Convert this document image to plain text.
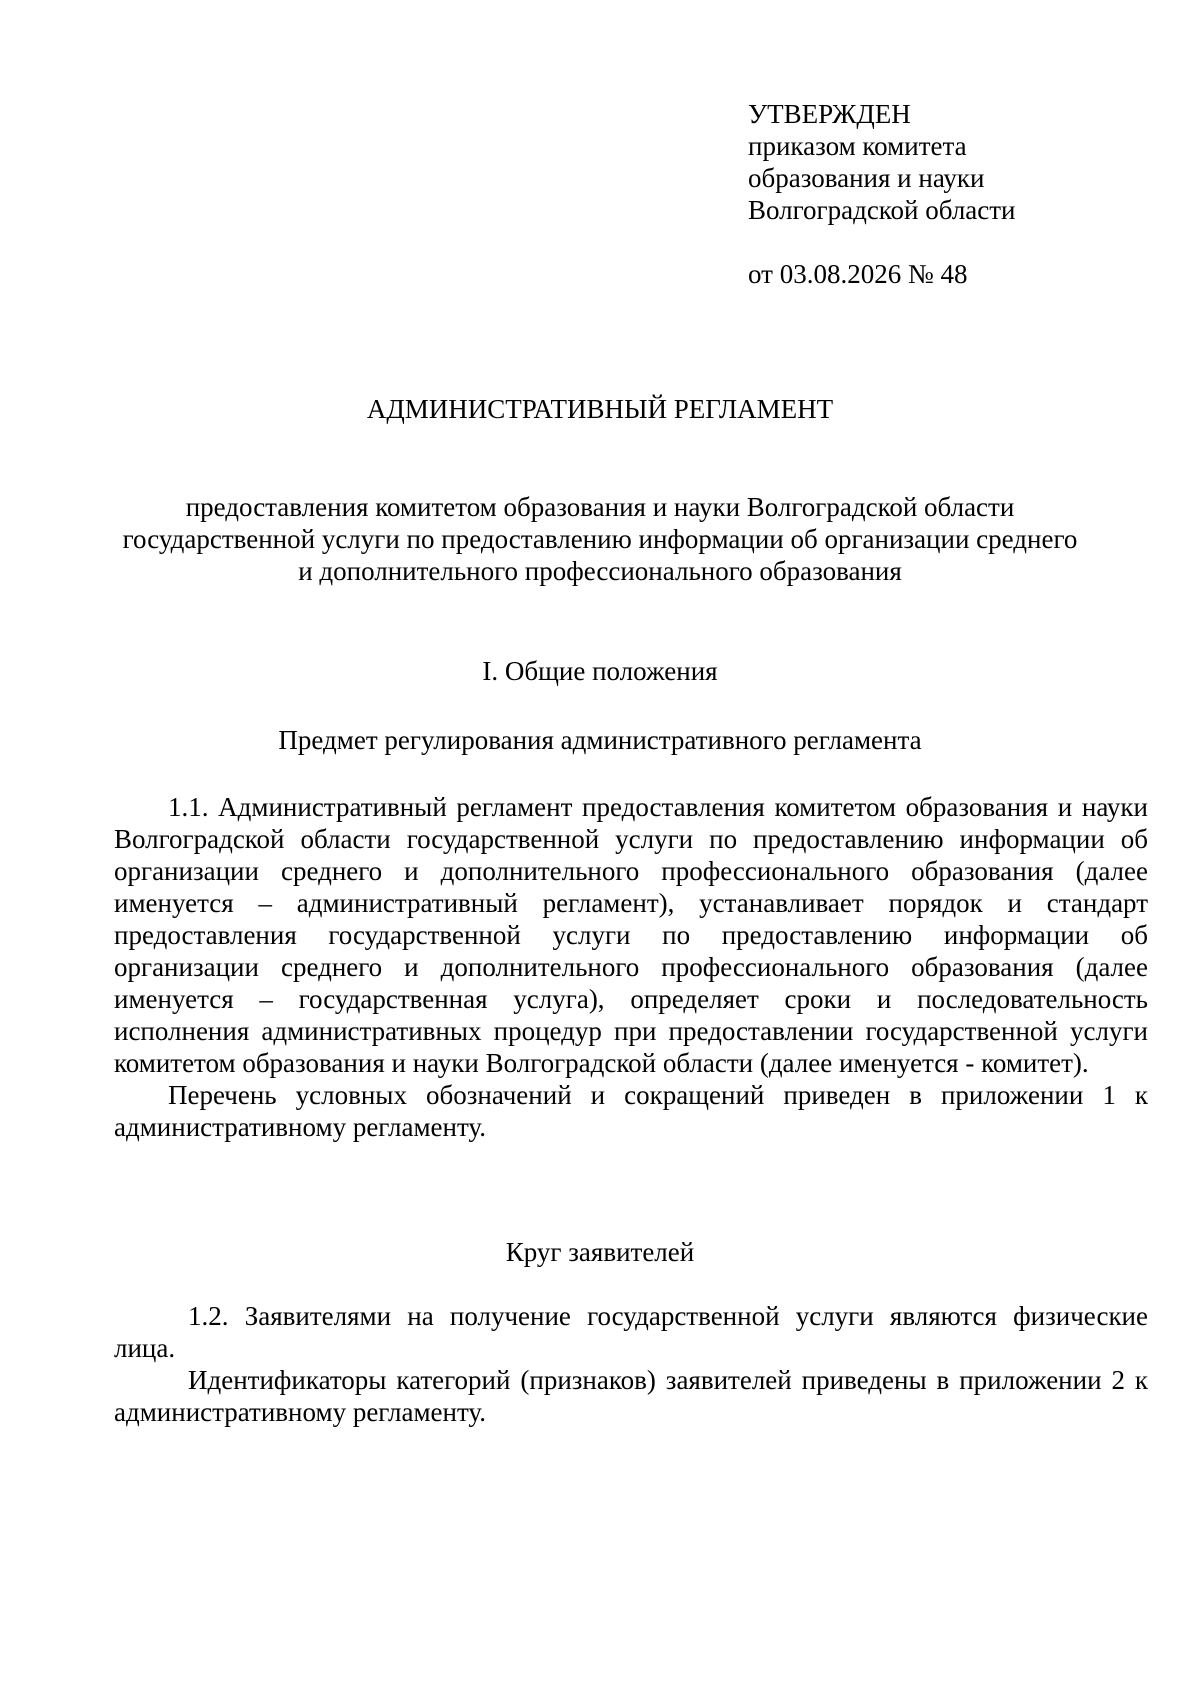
УТВЕРЖДЕН
приказом комитета
образования и науки
Волгоградской области
от 03.08.2026 № 48
АДМИНИСТРАТИВНЫЙ РЕГЛАМЕНТ
предоставления комитетом образования и науки Волгоградской области
государственной услуги по предоставлению информации об организации среднего
и дополнительного профессионального образования
I. Общие положения
Предмет регулирования административного регламента

1.1. Административный регламент предоставления комитетом образования и науки Волгоградской области государственной услуги по предоставлению информации об организации среднего и дополнительного профессионального образования (далее именуется – административный регламент), устанавливает порядок и стандарт предоставления государственной услуги по предоставлению информации об организации среднего и дополнительного профессионального образования (далее именуется – государственная услуга), определяет сроки и последовательность исполнения административных процедур при предоставлении государственной услуги комитетом образования и науки Волгоградской области (далее именуется - комитет).

Перечень условных обозначений и сокращений приведен в приложении 1 к административному регламенту.

Круг заявителей

1.2. Заявителями на получение государственной услуги являются физические лица.

Идентификаторы категорий (признаков) заявителей приведены в приложении 2 к административному регламенту.
